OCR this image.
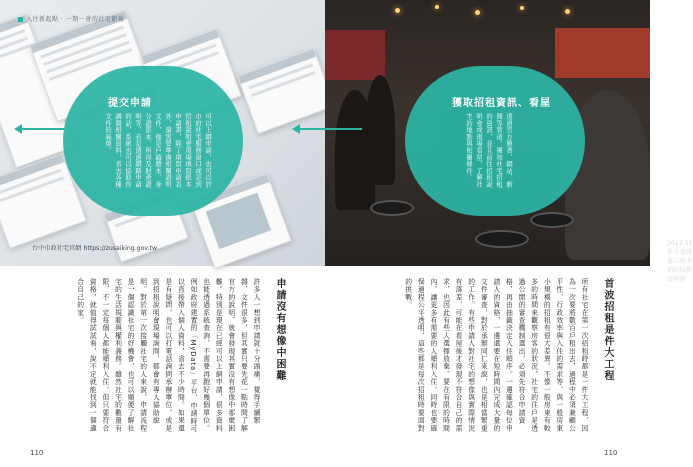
入住新起點 ‧ 一期一會的社宅節報
台中市政社宅官網 https://zusaiking.gov.tw
2017.11 於市電捷運口夜市前的招租說明會
提交申請
可以上網申請，也可以於市府社宅服務窗口或是到招租說明會現場填寫紙本申請書，除了填寫申請表外，還需要準備相關證明文件，像是戶籍謄本、身分證影本、所得及財產證明等，若是透過網路申請的話，系統也可以協助你調閱相關資料，省去各種文件的麻煩。
獲取招租資訊、看屋
透過官方臉書、網站、新聞等管道，獲知社宅招租的資訊，並且前往招租說明會或現場看屋，了解社宅的地點與相關條件。
首波招租是件大工程
所有社宅在第一次招租時都是一件大工程，因為一次要將數百戶租出去，過程中必須兼顧公平性、行政效率與入住的需求等，與一般房東小規模的招租有很大差異。不像一般房東有較多的時間來觀察房客的狀況，社宅的住戶是透過公開的審查機制選出，必須先符合申請資格，再由抽籤決定入住順序。一邊確認每位申請人的資格，一邊還要在短時間內完成大量的文件審查，對於承辦同仁來說，也是相當繁重的工作。有些申請人對社宅的想像與實際情況有落差，可能在看屋後才發現不符合自己的需求，也因此有些人選擇放棄。要在有限的時間內，讓更多有需要的人順利入住，同時也要確保過程公平透明，這些都是每次招租時要面對的挑戰。
申請沒有想像中困難
許多人一想到申請就十分頭痛，覺得手續繁雜、文件很多，但其實只要先花一點時間了解官方的說明，就會發現其實沒有想像中那麼困難。特別是現在已經可以上網申請，很多資料也能透過系統查詢，不需要再跑好幾個單位。例如政府建置的「MyData」平台，申請時可以直接帶入個人資料，省去不少時間。如果還是有疑問，也可以打電話詢問承辦單位，或是到招租說明會現場詢問，都會有專人協助說明。對於第一次接觸社宅的人來說，申請流程是一個認識社宅的好機會，也可以順便了解社宅的生活規範與權利義務。雖然社宅的數量有限，不一定每個人都能順利入住，但只要符合資格，就值得試試看，說不定就能找到一個適合自己的家。
110	110
